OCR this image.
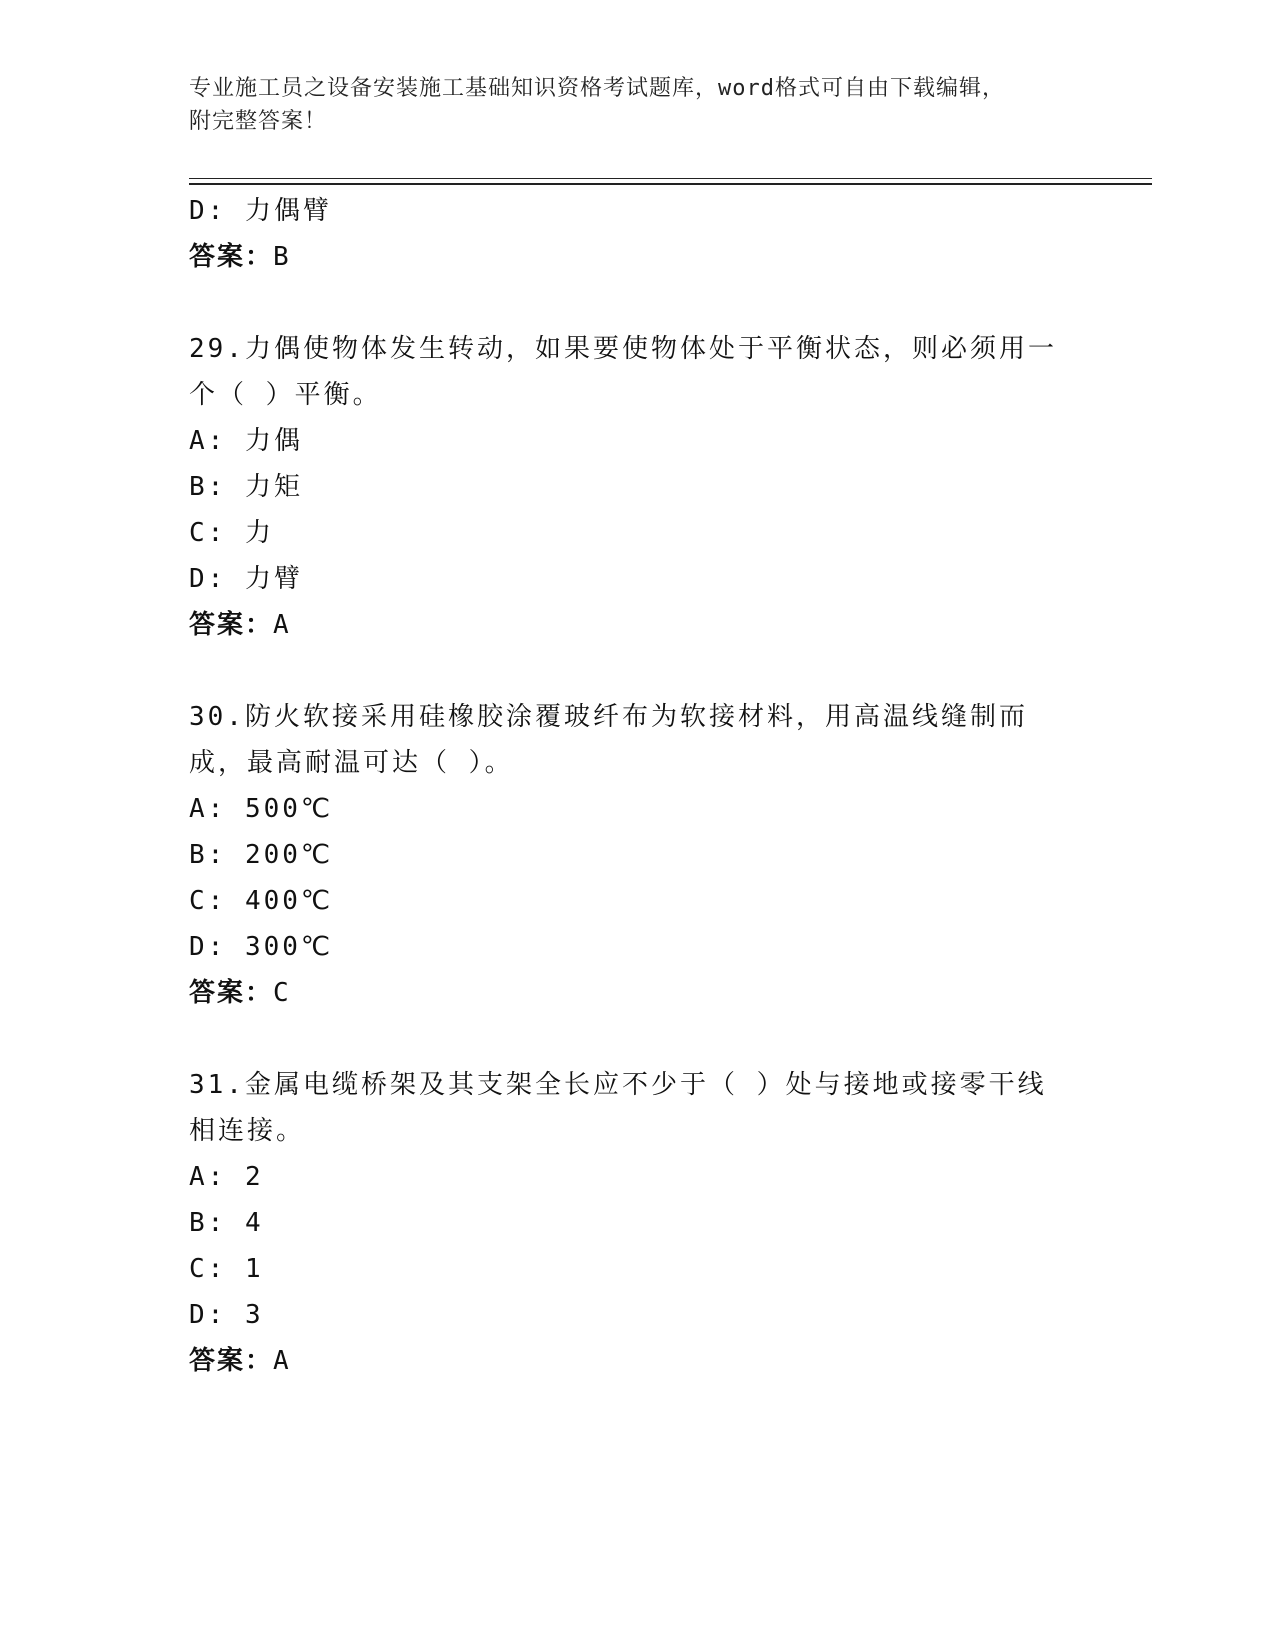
专业施工员之设备安装施工基础知识资格考试题库，word格式可自由下载编辑，
附完整答案！
D: 力偶臂
答案：B
29.力偶使物体发生转动，如果要使物体处于平衡状态，则必须用一个（ ）平衡。
A: 力偶
B: 力矩
C: 力
D: 力臂
答案：A
30.防火软接采用硅橡胶涂覆玻纤布为软接材料，用高温线缝制而成，最高耐温可达（ ）。
A: 500℃
B: 200℃
C: 400℃
D: 300℃
答案：C
31.金属电缆桥架及其支架全长应不少于（ ）处与接地或接零干线相连接。
A: 2
B: 4
C: 1
D: 3
答案：A
